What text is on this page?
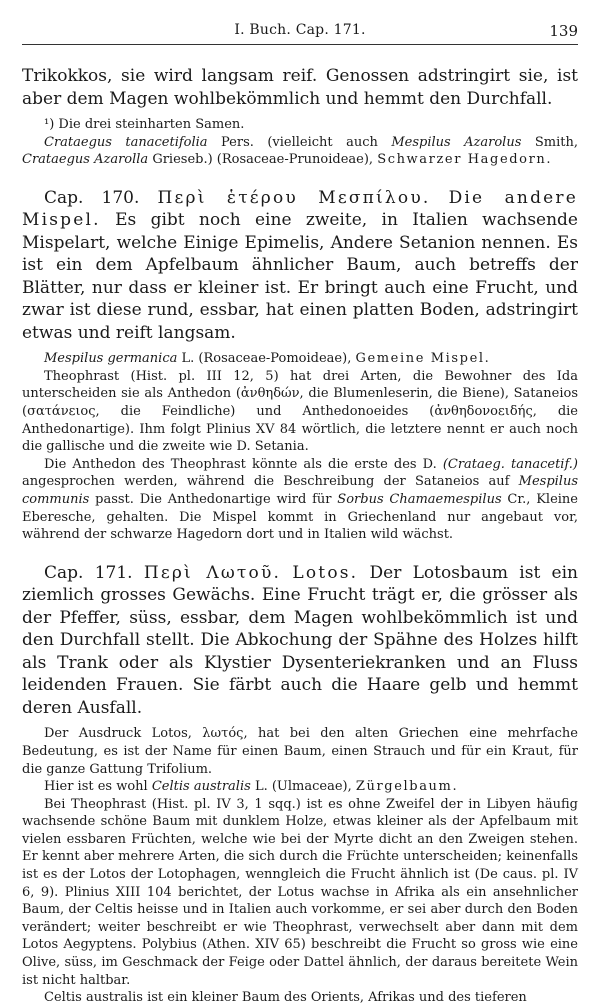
I. Buch. Cap. 171.	139

Trikokkos, sie wird langsam reif. Genossen adstringirt sie, ist aber dem Magen wohlbekömmlich und hemmt den Durchfall.

¹) Die drei steinharten Samen.

Crataegus tanacetifolia Pers. (vielleicht auch Mespilus Azarolus Smith, Crataegus Azarolla Grieseb.) (Rosaceae-Prunoideae), Schwarzer Hagedorn.

Cap. 170. Περὶ ἑτέρου Μεσπίλου. Die andere Mispel. Es gibt noch eine zweite, in Italien wachsende Mispelart, welche Einige Epimelis, Andere Setanion nennen. Es ist ein dem Apfelbaum ähnlicher Baum, auch betreffs der Blätter, nur dass er kleiner ist. Er bringt auch eine Frucht, und zwar ist diese rund, essbar, hat einen platten Boden, adstringirt etwas und reift langsam.

Mespilus germanica L. (Rosaceae-Pomoideae), Gemeine Mispel.

Theophrast (Hist. pl. III 12, 5) hat drei Arten, die Bewohner des Ida unterscheiden sie als Anthedon (ἀνθηδών, die Blumenleserin, die Biene), Sataneios (σατάνειος, die Feindliche) und Anthedonoeides (ἀνθηδονοειδής, die Anthedonartige). Ihm folgt Plinius XV 84 wörtlich, die letztere nennt er auch noch die gallische und die zweite wie D. Setania.

Die Anthedon des Theophrast könnte als die erste des D. (Crataeg. tanacetif.) angesprochen werden, während die Beschreibung der Sataneios auf Mespilus communis passt. Die Anthedonartige wird für Sorbus Chamaemespilus Cr., Kleine Eberesche, gehalten. Die Mispel kommt in Griechenland nur angebaut vor, während der schwarze Hagedorn dort und in Italien wild wächst.

Cap. 171. Περὶ Λωτοῦ. Lotos. Der Lotosbaum ist ein ziemlich grosses Gewächs. Eine Frucht trägt er, die grösser als der Pfeffer, süss, essbar, dem Magen wohlbekömmlich ist und den Durchfall stellt. Die Abkochung der Spähne des Holzes hilft als Trank oder als Klystier Dysenteriekranken und an Fluss leidenden Frauen. Sie färbt auch die Haare gelb und hemmt deren Ausfall.

Der Ausdruck Lotos, λωτός, hat bei den alten Griechen eine mehrfache Bedeutung, es ist der Name für einen Baum, einen Strauch und für ein Kraut, für die ganze Gattung Trifolium.

Hier ist es wohl Celtis australis L. (Ulmaceae), Zürgelbaum.

Bei Theophrast (Hist. pl. IV 3, 1 sqq.) ist es ohne Zweifel der in Libyen häufig wachsende schöne Baum mit dunklem Holze, etwas kleiner als der Apfelbaum mit vielen essbaren Früchten, welche wie bei der Myrte dicht an den Zweigen stehen. Er kennt aber mehrere Arten, die sich durch die Früchte unterscheiden; keinenfalls ist es der Lotos der Lotophagen, wenngleich die Frucht ähnlich ist (De caus. pl. IV 6, 9). Plinius XIII 104 berichtet, der Lotus wachse in Afrika als ein ansehnlicher Baum, der Celtis heisse und in Italien auch vorkomme, er sei aber durch den Boden verändert; weiter beschreibt er wie Theophrast, verwechselt aber dann mit dem Lotos Aegyptens. Polybius (Athen. XIV 65) beschreibt die Frucht so gross wie eine Olive, süss, im Geschmack der Feige oder Dattel ähnlich, der daraus bereitete Wein ist nicht haltbar.

Celtis australis ist ein kleiner Baum des Orients, Afrikas und des tieferen
